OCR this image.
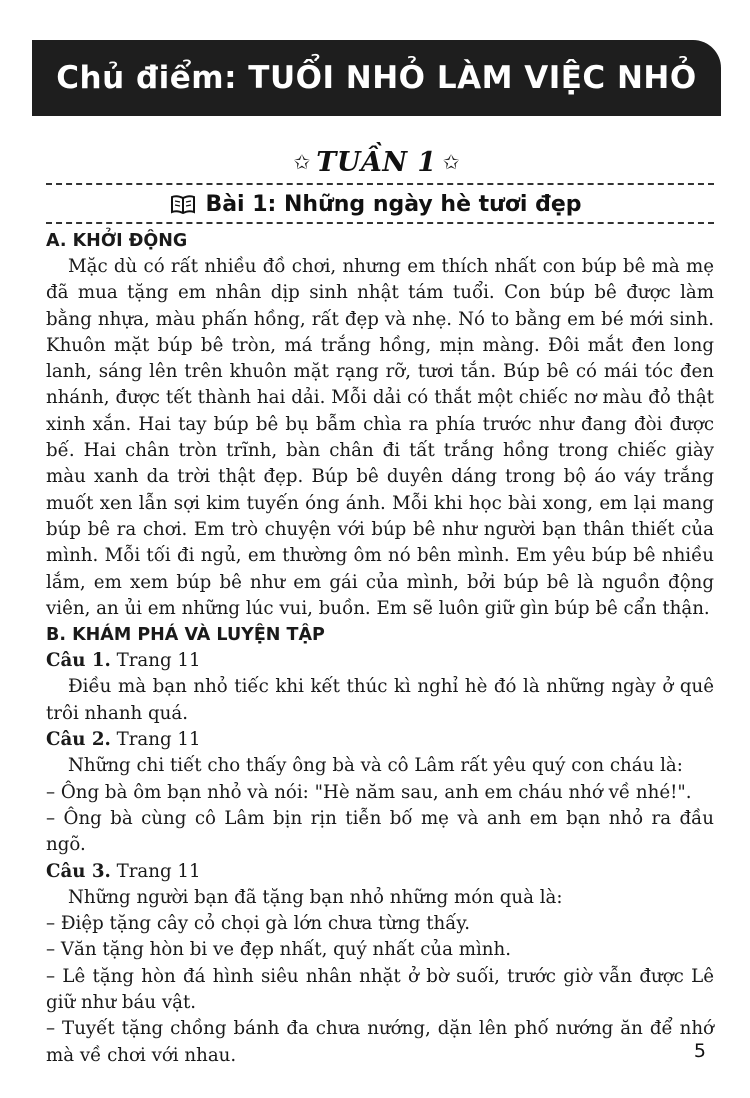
Chủ điểm: TUỔI NHỎ LÀM VIỆC NHỎ
✩ TUẦN 1 ✩
Bài 1: Những ngày hè tươi đẹp

A. KHỞI ĐỘNG

Mặc dù có rất nhiều đồ chơi, nhưng em thích nhất con búp bê mà mẹ đã mua tặng em nhân dịp sinh nhật tám tuổi. Con búp bê được làm bằng nhựa, màu phấn hồng, rất đẹp và nhẹ. Nó to bằng em bé mới sinh. Khuôn mặt búp bê tròn, má trắng hồng, mịn màng. Đôi mắt đen long lanh, sáng lên trên khuôn mặt rạng rỡ, tươi tắn. Búp bê có mái tóc đen nhánh, được tết thành hai dải. Mỗi dải có thắt một chiếc nơ màu đỏ thật xinh xắn. Hai tay búp bê bụ bẫm chìa ra phía trước như đang đòi được bế. Hai chân tròn trĩnh, bàn chân đi tất trắng hồng trong chiếc giày màu xanh da trời thật đẹp. Búp bê duyên dáng trong bộ áo váy trắng muốt xen lẫn sợi kim tuyến óng ánh. Mỗi khi học bài xong, em lại mang búp bê ra chơi. Em trò chuyện với búp bê như người bạn thân thiết của mình. Mỗi tối đi ngủ, em thường ôm nó bên mình. Em yêu búp bê nhiều lắm, em xem búp bê như em gái của mình, bởi búp bê là nguồn động viên, an ủi em những lúc vui, buồn. Em sẽ luôn giữ gìn búp bê cẩn thận.

B. KHÁM PHÁ VÀ LUYỆN TẬP

Câu 1. Trang 11

Điều mà bạn nhỏ tiếc khi kết thúc kì nghỉ hè đó là những ngày ở quê trôi nhanh quá.

Câu 2. Trang 11

Những chi tiết cho thấy ông bà và cô Lâm rất yêu quý con cháu là:

– Ông bà ôm bạn nhỏ và nói: "Hè năm sau, anh em cháu nhớ về nhé!".

– Ông bà cùng cô Lâm bịn rịn tiễn bố mẹ và anh em bạn nhỏ ra đầu ngõ.

Câu 3. Trang 11

Những người bạn đã tặng bạn nhỏ những món quà là:

– Điệp tặng cây cỏ chọi gà lớn chưa từng thấy.

– Văn tặng hòn bi ve đẹp nhất, quý nhất của mình.

– Lê tặng hòn đá hình siêu nhân nhặt ở bờ suối, trước giờ vẫn được Lê giữ như báu vật.

– Tuyết tặng chồng bánh đa chưa nướng, dặn lên phố nướng ăn để nhớ mà về chơi với nhau.	5
